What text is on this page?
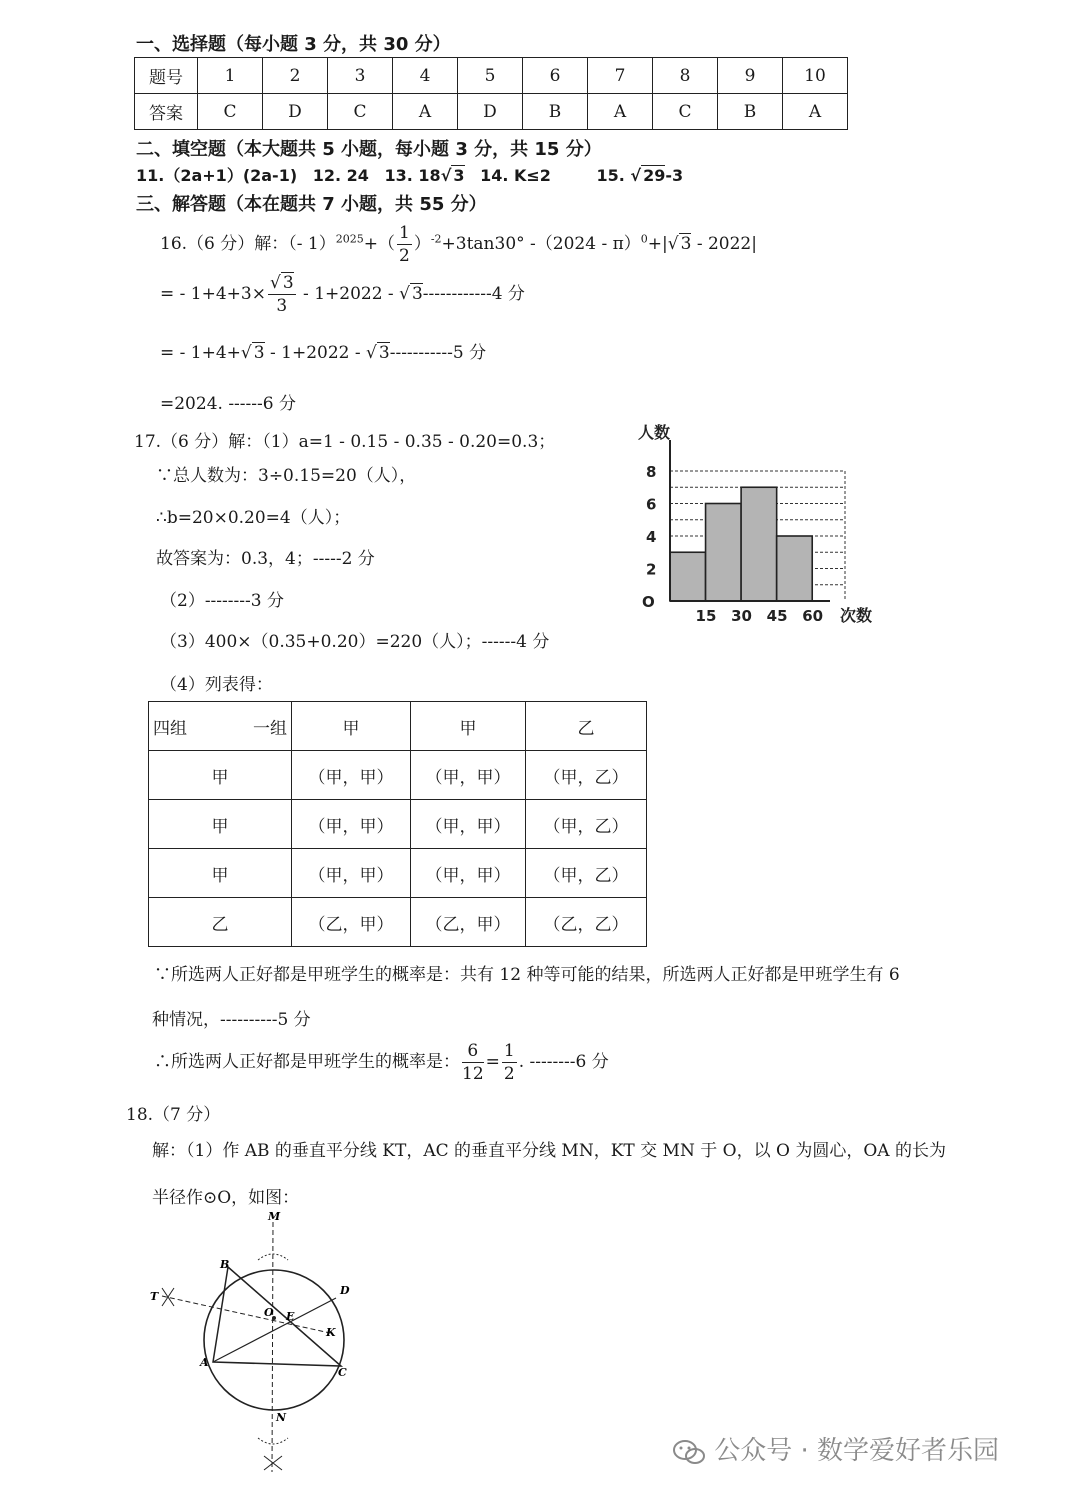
一、选择题（每小题 3 分，共 30 分）
题号	1	2	3	4	5	6	7	8	9	10
答案	C	D	C	A	D	B	A	C	B	A
二、填空题（本大题共 5 小题，每小题 3 分，共 15 分）
11.（2a+1）(2a-1) 12. 24 13. 18√ 3 14. K≤2	15. √ 29-3
三、解答题（本在题共 7 小题，共 55 分）
16.（6 分）解：（- $1)^{2025}+( \frac{1}{2} )^{-2}+3\tan 30^\circ$ -（2024 - π）$^0$+|√ 3 - 2022|
= - $1+4+3\times \frac{√ 3}{3} - 1+2022$ - √ 3------------4 分
= - 1+4+√ 3 - 1+2022 - √ 3-----------5 分
=2024. ------6 分
17.（6 分）解：（1）a=1 - 0.15 - 0.35 - 0.20=0.3；
∵总人数为：3÷0.15=20（人），
∴b=20×0.20=4（人）；
故答案为：0.3，4；-----2 分
（2）--------3 分
（3）400×（0.35+0.20）=220（人）；------4 分
（4）列表得：
O
2
4
6
8
15 30 45 60
人数
次数
四组 一组	甲	甲	乙
甲	（甲，甲）	（甲，甲）	（甲，乙）
甲	（甲，甲）	（甲，甲）	（甲，乙）
甲	（甲，甲）	（甲，甲）	（甲，乙）
乙	（乙，甲）	（乙，甲）	（乙，乙）
∵所选两人正好都是甲班学生的概率是：共有 12 种等可能的结果，所选两人正好都是甲班学生有 6
种情况，----------5 分
∴所选两人正好都是甲班学生的概率是： $\frac{6}{12} = \frac{1}{2}$ . --------6 分
18.（7 分）
解：（1）作 AB 的垂直平分线 KT，AC 的垂直平分线 MN，KT 交 MN 于 O，以 O 为圆心，OA 的长为
半径作⊙O，如图：
M
N
B
D
T
O E
K
A
C
公众号 · 数学爱好者乐园
